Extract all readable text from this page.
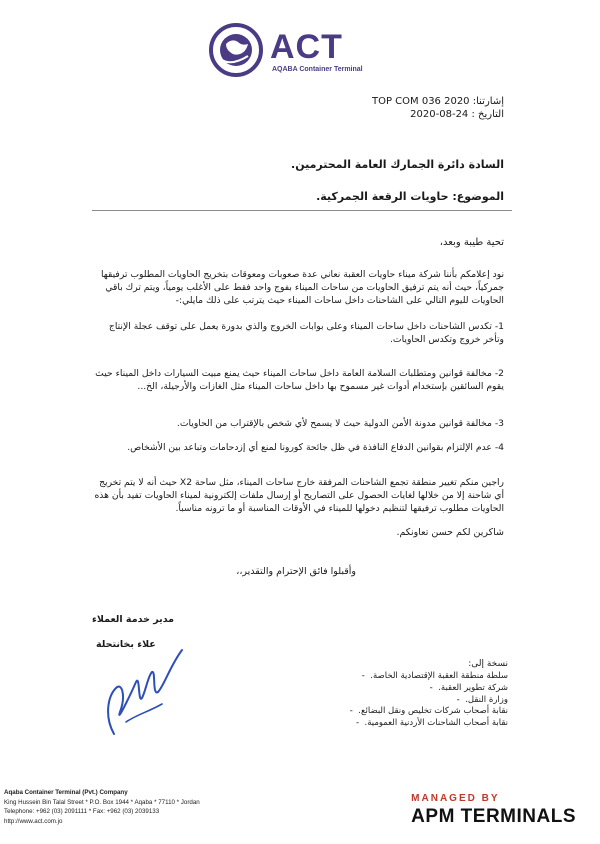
ACT
AQABA Container Terminal
إشارتنا: TOP COM 036 2020
التاريخ : 2020-08-24
السادة دائرة الجمارك العامة المحترمين.
الموضوع: حاويات الرقعة الجمركية.
تحية طيبة وبعد،
نود إعلامكم بأننا شركة ميناء حاويات العقبة نعاني عدة صعوبات ومعوقات بتخريج الحاويات المطلوب ترفيقها جمركياً، حيث أنه يتم ترفيق الحاويات من ساحات الميناء بفوج واحد فقط على الأغلب يومياً، ويتم ترك باقي الحاويات لليوم التالي على الشاحنات داخل ساحات الميناء حيث يترتب على ذلك مايلي:-
1- تكدس الشاحنات داخل ساحات الميناء وعلى بوابات الخروج والذي بدورة يعمل على توقف عجلة الإنتاج وتأخر خروج وتكدس الحاويات.
2- مخالفة قوانين ومتطلبات السلامة العامة داخل ساحات الميناء حيث يمنع مبيت السيارات داخل الميناء حيث يقوم السائقين بإستخدام أدوات غير مسموح بها داخل ساحات الميناء مثل الغازات والأرجيلة، الخ...
3- مخالفة قوانين مدونة الأمن الدولية حيث لا يسمح لأي شخص بالإقتراب من الحاويات.
4- عدم الإلتزام بقوانين الدفاع النافذة في ظل جائحة كورونا لمنع أي إزدحامات وتباعد بين الأشخاص.
راجين منكم تغيير منطقة تجمع الشاحنات المرفقة خارج ساحات الميناء، مثل ساحة X2 حيث أنه لا يتم تخريج أي شاحنة إلا من خلالها لغايات الحصول على التصاريح أو إرسال ملفات إلكترونية لميناء الحاويات تفيد بأن هذه الحاويات مطلوب ترفيقها لتنظيم دخولها للميناء في الأوقات المناسبة أو ما ترونه مناسباً.
شاكرين لكم حسن تعاونكم.
وأقبلوا فائق الإحترام والتقدير،،
مدير خدمة العملاء
علاء بخانتحلة
نسخة إلى:
سلطة منطقة العقبة الإقتصادية الخاصة.-
شركة تطوير العقبة.-
وزارة النقل.-
نقابة أصحاب شركات تخليص ونقل البضائع.-
نقابة أصحاب الشاحنات الأردنية العمومية.-
Aqaba Container Terminal (Pvt.) Company
King Hussein Bin Talal Street * P.O. Box 1944 * Aqaba * 77110 * Jordan
Telephone: +962 (03) 2091111 * Fax: +962 (03) 2039133
http://www.act.com.jo
MANAGED BY
APM TERMINALS
